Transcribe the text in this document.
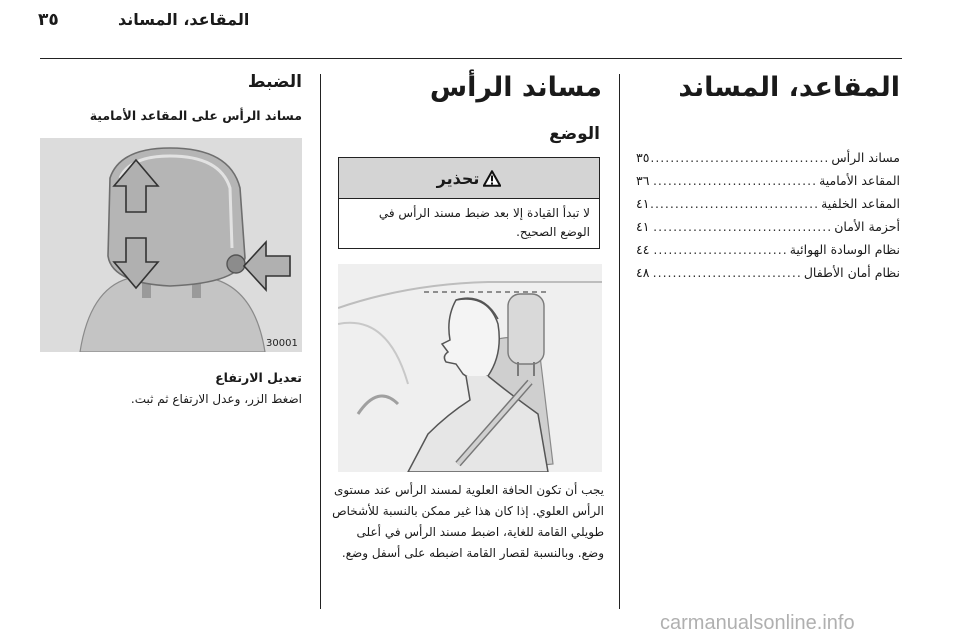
٣٥	المقاعد، المساند
المقاعد، المساند
مساند الرأس
.....
٣٥
المقاعد الأمامية
.....
٣٦
المقاعد الخلفية
.....
٤١
أحزمة الأمان
.....
٤١
نظام الوسادة الهوائية
.....
٤٤
نظام أمان الأطفال
.....
٤٨
مساند الرأس
الوضع
تحذير
لا تبدأ القيادة إلا بعد ضبط مسند الرأس في الوضع الصحيح.
يجب أن تكون الحافة العلوية لمسند الرأس عند مستوى الرأس العلوي. إذا كان هذا غير ممكن بالنسبة للأشخاص طويلي القامة للغاية، اضبط مسند الرأس في أعلى وضع. وبالنسبة لقصار القامة اضبطه على أسفل وضع.
الضبط
مساند الرأس على المقاعد الأمامية
30001
تعديل الارتفاع
اضغط الزر، وعدل الارتفاع ثم ثبت.
carmanualsonline.info
